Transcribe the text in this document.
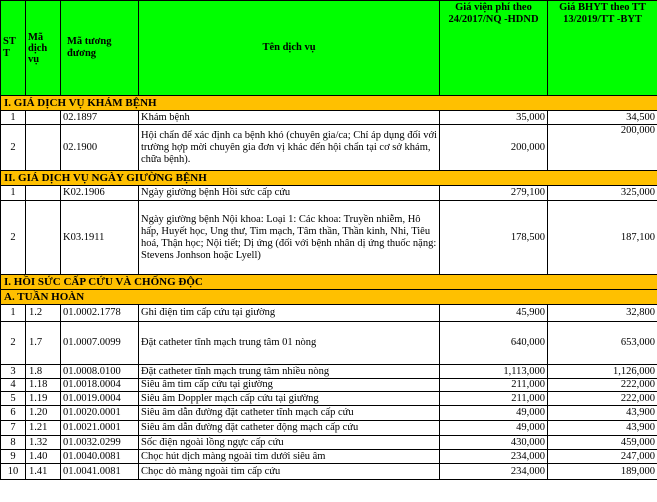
ST T	Mã dịch vụ	Mã tương đương	Tên dịch vụ	Giá viện phí theo 24/2017/NQ -HDND	Giá BHYT theo TT 13/2019/TT -BYT
I. GIÁ DỊCH VỤ KHÁM BỆNH					
1		02.1897	Khám bệnh	35,000	34,500
2		02.1900	Hội chẩn để xác định ca bệnh khó (chuyên gia/ca; Chỉ áp dụng đối với trường hợp mời chuyên gia đơn vị khác đến hội chẩn tại cơ sở khám, chữa bệnh).	200,000	200,000
II. GIÁ DỊCH VỤ NGÀY GIƯỜNG BỆNH					
1		K02.1906	Ngày giường bệnh Hồi sức cấp cứu	279,100	325,000
2		K03.1911	Ngày giường bệnh Nội khoa: Loại 1: Các khoa: Truyền nhiễm, Hô hấp, Huyết học, Ung thư, Tim mạch, Tâm thần, Thần kinh, Nhi, Tiêu hoá, Thận học; Nội tiết; Dị ứng (đối với bệnh nhân dị ứng thuốc nặng: Stevens Jonhson hoặc Lyell)	178,500	187,100
I. HỒI SỨC CẤP CỨU VÀ CHỐNG ĐỘC					
A. TUẦN HOÀN					
1	1.2	01.0002.1778	Ghi điện tim cấp cứu tại giường	45,900	32,800
2	1.7	01.0007.0099	Đặt catheter tĩnh mạch trung tâm 01 nòng	640,000	653,000
3	1.8	01.0008.0100	Đặt catheter tĩnh mạch trung tâm nhiều nòng	1,113,000	1,126,000
4	1.18	01.0018.0004	Siêu âm tim cấp cứu tại giường	211,000	222,000
5	1.19	01.0019.0004	Siêu âm Doppler mạch cấp cứu tại giường	211,000	222,000
6	1.20	01.0020.0001	Siêu âm dẫn đường đặt catheter tĩnh mạch cấp cứu	49,000	43,900
7	1.21	01.0021.0001	Siêu âm dẫn đường đặt catheter động mạch cấp cứu	49,000	43,900
8	1.32	01.0032.0299	Sốc điện ngoài lồng ngực cấp cứu	430,000	459,000
9	1.40	01.0040.0081	Chọc hút dịch màng ngoài tim dưới siêu âm	234,000	247,000
10	1.41	01.0041.0081	Chọc dò màng ngoài tim cấp cứu	234,000	189,000
